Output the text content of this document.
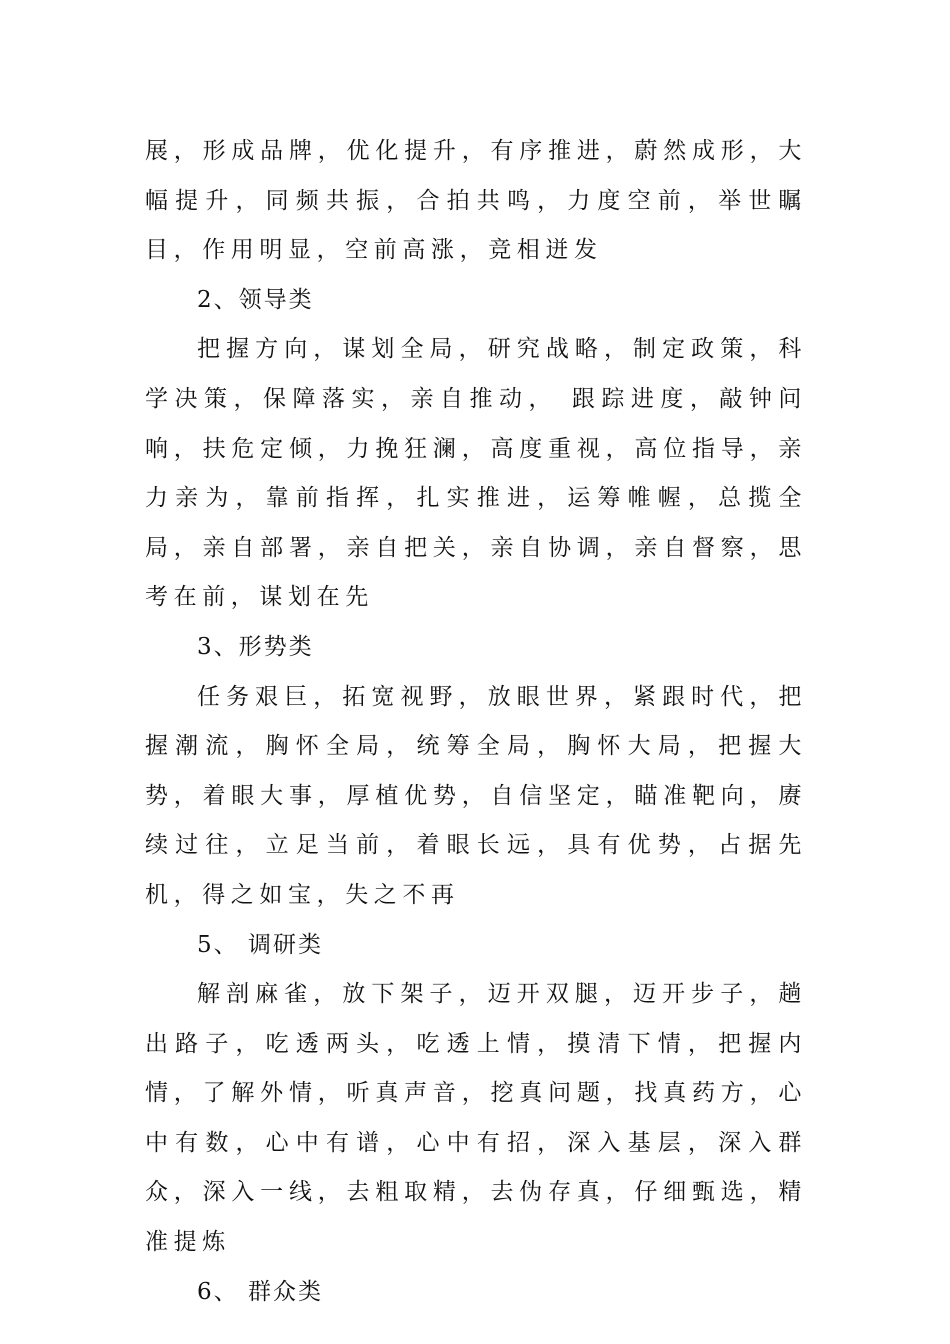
展，形成品牌，优化提升，有序推进，蔚然成形，大幅提升，同频共振，合拍共鸣，力度空前，举世瞩目，作用明显，空前高涨，竞相迸发

2、领导类

把握方向，谋划全局，研究战略，制定政策，科学决策，保障落实，亲自推动， 跟踪进度，敲钟问响，扶危定倾，力挽狂澜，高度重视，高位指导，亲力亲为，靠前指挥，扎实推进，运筹帷幄，总揽全局，亲自部署，亲自把关，亲自协调，亲自督察，思考在前，谋划在先

3、形势类

任务艰巨，拓宽视野，放眼世界，紧跟时代，把握潮流，胸怀全局，统筹全局，胸怀大局，把握大势，着眼大事，厚植优势，自信坚定，瞄准靶向，赓续过往，立足当前，着眼长远，具有优势，占据先机，得之如宝，失之不再

5、 调研类

解剖麻雀，放下架子，迈开双腿，迈开步子，趟出路子，吃透两头，吃透上情，摸清下情，把握内情，了解外情，听真声音，挖真问题，找真药方，心中有数，心中有谱，心中有招，深入基层，深入群众，深入一线，去粗取精，去伪存真，仔细甄选，精准提炼

6、 群众类
